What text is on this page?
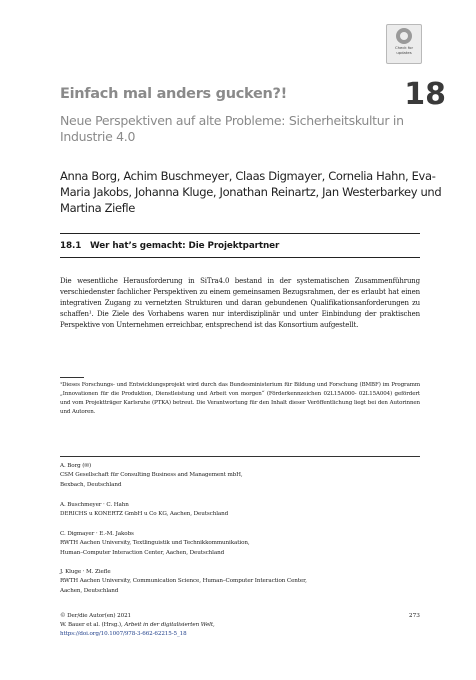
Check for updates
Einfach mal anders gucken?!	18
Neue Perspektiven auf alte Probleme: Sicherheitskultur in Industrie 4.0
Anna Borg, Achim Buschmeyer, Claas Digmayer, Cornelia Hahn, Eva-Maria Jakobs, Johanna Kluge, Jonathan Reinartz, Jan Westerbarkey und Martina Ziefle
18.1 Wer hat’s gemacht: Die Projektpartner

Die wesentliche Herausforderung in SiTra4.0 bestand in der systematischen Zusammenführung verschiedenster fachlicher Perspektiven zu einem gemeinsamen Bezugsrahmen, der es erlaubt hat einen integrativen Zugang zu vernetzten Strukturen und daran gebundenen Qualifikationsanforderungen zu schaffen¹. Die Ziele des Vorhabens waren nur interdisziplinär und unter Einbindung der praktischen Perspektive von Unternehmen erreichbar, entsprechend ist das Konsortium aufgestellt.

¹Dieses Forschungs- und Entwicklungsprojekt wird durch das Bundesministerium für Bildung und Forschung (BMBF) im Programm „Innovationen für die Produktion, Dienstleistung und Arbeit von morgen“ (Förderkennzeichen 02L15A000- 02L15A004) gefördert und vom Projektträger Karlsruhe (PTKA) betreut. Die Verantwortung für den Inhalt dieser Veröffentlichung liegt bei den Autorinnen und Autoren.

A. Borg (✉)
CSM Gesellschaft für Consulting Business and Management mbH,
Bexbach, Deutschland
A. Buschmeyer · C. Hahn
DERICHS u KONERTZ GmbH u Co KG, Aachen, Deutschland
C. Digmayer · E.-M. Jakobs
RWTH Aachen University, Textlinguistik und Technikkommunikation,
Human–Computer Interaction Center, Aachen, Deutschland
J. Kluge · M. Ziefle
RWTH Aachen University, Communication Science, Human–Computer Interaction Center,
Aachen, Deutschland
© Der/die Autor(en) 2021
W. Bauer et al. (Hrsg.), Arbeit in der digitalisierten Welt,
https://doi.org/10.1007/978-3-662-62215-5_18
273
